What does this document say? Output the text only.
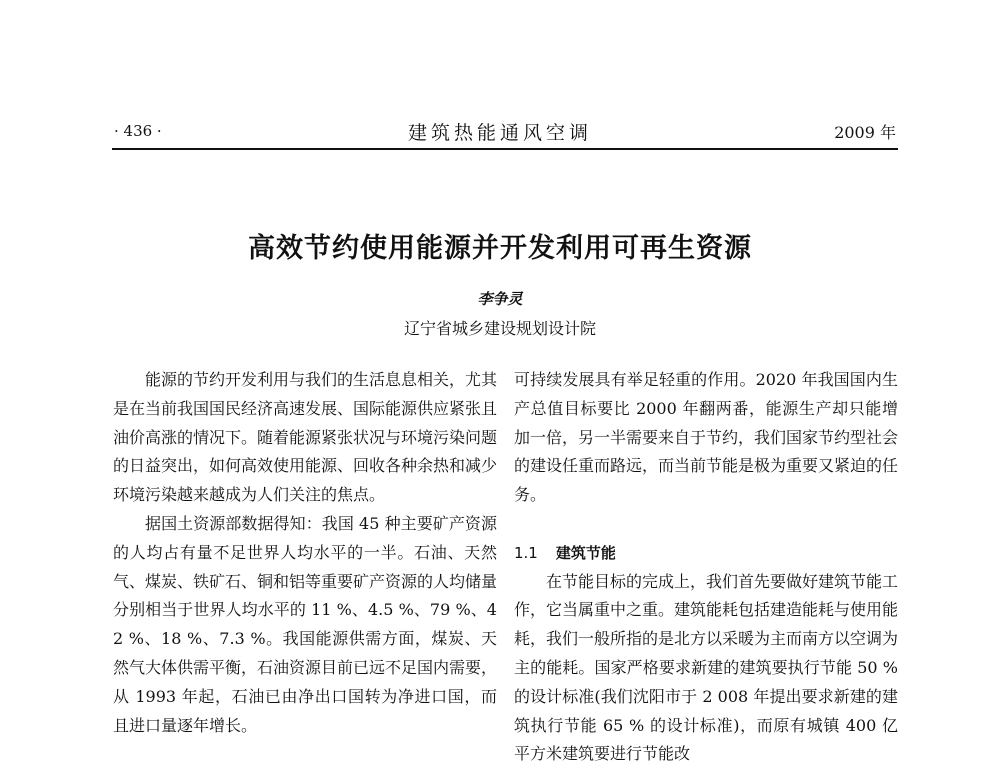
· 436 ·	建筑热能通风空调	2009 年
高效节约使用能源并开发利用可再生资源
李争灵
辽宁省城乡建设规划设计院

能源的节约开发利用与我们的生活息息相关，尤其是在当前我国国民经济高速发展、国际能源供应紧张且油价高涨的情况下。随着能源紧张状况与环境污染问题的日益突出，如何高效使用能源、回收各种余热和减少环境污染越来越成为人们关注的焦点。

据国土资源部数据得知：我国 45 种主要矿产资源的人均占有量不足世界人均水平的一半。石油、天然气、煤炭、铁矿石、铜和铝等重要矿产资源的人均储量分别相当于世界人均水平的 11 %、4.5 %、79 %、4 2 %、18 %、7.3 %。我国能源供需方面，煤炭、天然气大体供需平衡，石油资源目前已远不足国内需要，从 1993 年起，石油已由净出口国转为净进口国，而且进口量逐年增长。

可持续发展具有举足轻重的作用。2020 年我国国内生产总值目标要比 2000 年翻两番，能源生产却只能增加一倍，另一半需要来自于节约，我们国家节约型社会的建设任重而路远，而当前节能是极为重要又紧迫的任务。

1.1 建筑节能

在节能目标的完成上，我们首先要做好建筑节能工作，它当属重中之重。建筑能耗包括建造能耗与使用能耗，我们一般所指的是北方以采暖为主而南方以空调为主的能耗。国家严格要求新建的建筑要执行节能 50 % 的设计标准(我们沈阳市于 2 008 年提出要求新建的建筑执行节能 65 % 的设计标准)，而原有城镇 400 亿平方米建筑要进行节能改
